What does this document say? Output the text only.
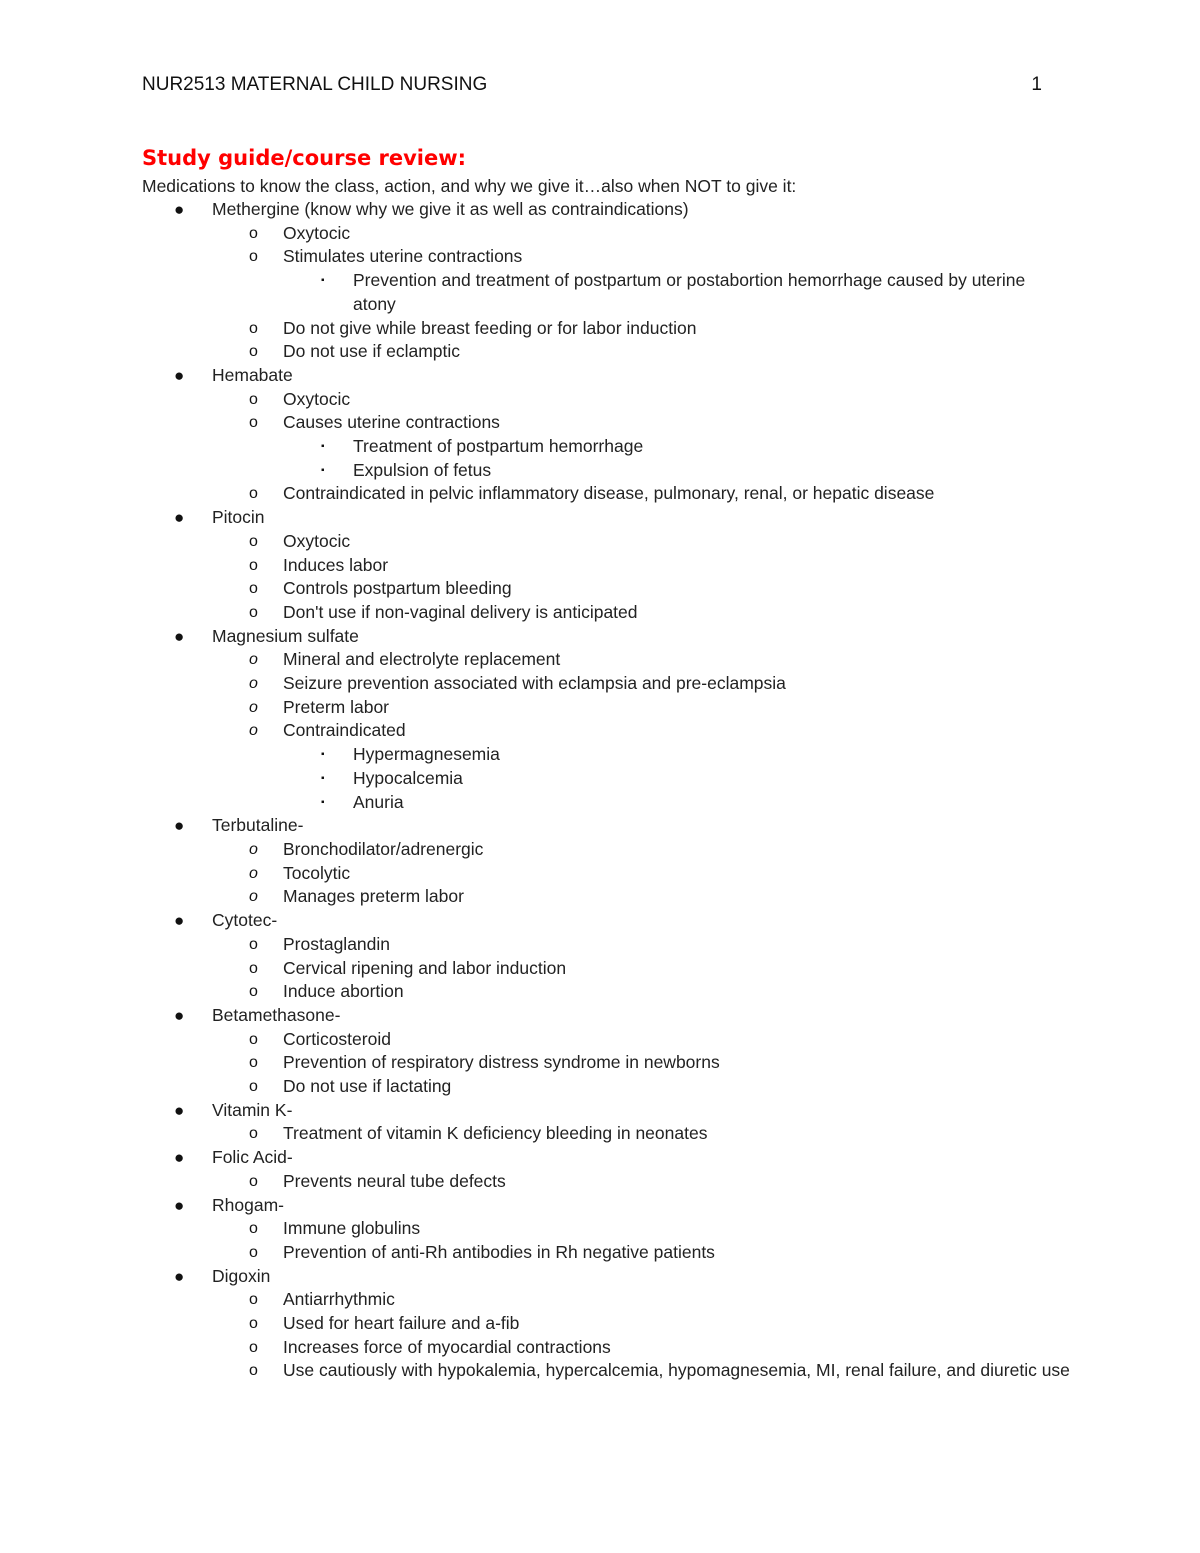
NUR2513 MATERNAL CHILD NURSING	1
Study guide/course review:

Medications to know the class, action, and why we give it…also when NOT to give it:

● Methergine (know why we give it as well as contraindications)
o Oxytocic
o Stimulates uterine contractions
▪ Prevention and treatment of postpartum or postabortion hemorrhage caused by uterine atony
o Do not give while breast feeding or for labor induction
o Do not use if eclamptic
● Hemabate
o Oxytocic
o Causes uterine contractions
▪ Treatment of postpartum hemorrhage
▪ Expulsion of fetus
o Contraindicated in pelvic inflammatory disease, pulmonary, renal, or hepatic disease
● Pitocin
o Oxytocic
o Induces labor
o Controls postpartum bleeding
o Don't use if non-vaginal delivery is anticipated
● Magnesium sulfate
o Mineral and electrolyte replacement
o Seizure prevention associated with eclampsia and pre-eclampsia
o Preterm labor
o Contraindicated
▪ Hypermagnesemia
▪ Hypocalcemia
▪ Anuria
● Terbutaline-
o Bronchodilator/adrenergic
o Tocolytic
o Manages preterm labor
● Cytotec-
o Prostaglandin
o Cervical ripening and labor induction
o Induce abortion
● Betamethasone-
o Corticosteroid
o Prevention of respiratory distress syndrome in newborns
o Do not use if lactating
● Vitamin K-
o Treatment of vitamin K deficiency bleeding in neonates
● Folic Acid-
o Prevents neural tube defects
● Rhogam-
o Immune globulins
o Prevention of anti-Rh antibodies in Rh negative patients
● Digoxin
o Antiarrhythmic
o Used for heart failure and a-fib
o Increases force of myocardial contractions
o Use cautiously with hypokalemia, hypercalcemia, hypomagnesemia, MI, renal failure, and diuretic use
